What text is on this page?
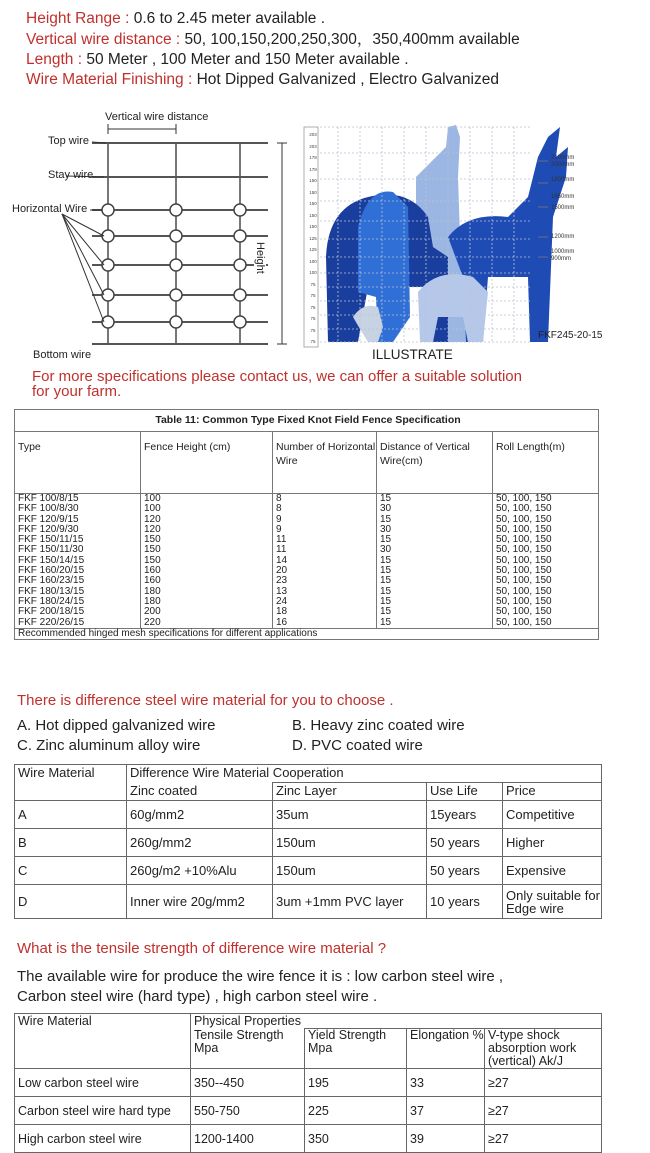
Height Range : 0.6 to 2.45 meter available .
Vertical wire distance : 50, 100,150,200,250,300，350,400mm available
Length : 50 Meter , 100 Meter and 150 Meter available .
Wire Material Finishing : Hot Dipped Galvanized , Electro Galvanized
Vertical wire distance
Top wire
Stay wire
Horizontal Wire
Bottom wire
Height
203
203
178
178
150
150
150
150
150
125
125
100
100
75
75
75
75
75
75
2100mm
2000mm
1800mm
1650mm
1500mm
1200mm
1000mm
900mm
FKF245-20-15
ILLUSTRATE
For more specifications please contact us, we can offer a suitable solution
for your farm.
Table 11: Common Type Fixed Knot Field Fence Specification				
Type	Fence Height (cm)	Number of Horizontal Wire	Distance of Vertical Wire(cm)	Roll Length(m)
FKF 100/8/15	100	8	15	50, 100, 150
FKF 100/8/30	100	8	30	50, 100, 150
FKF 120/9/15	120	9	15	50, 100, 150
FKF 120/9/30	120	9	30	50, 100, 150
FKF 150/11/15	150	11	15	50, 100, 150
FKF 150/11/30	150	11	30	50, 100, 150
FKF 150/14/15	150	14	15	50, 100, 150
FKF 160/20/15	160	20	15	50, 100, 150
FKF 160/23/15	160	23	15	50, 100, 150
FKF 180/13/15	180	13	15	50, 100, 150
FKF 180/24/15	180	24	15	50, 100, 150
FKF 200/18/15	200	18	15	50, 100, 150
FKF 220/26/15	220	16	15	50, 100, 150
Recommended hinged mesh specifications for different applications				
There is difference steel wire material for you to choose .
A. Hot dipped galvanized wire	B. Heavy zinc coated wire
C. Zinc aluminum alloy wire	D. PVC coated wire
Wire Material	Difference Wire Material Cooperation			
	Zinc coated	Zinc Layer	Use Life	Price
A	60g/mm2	35um	15years	Competitive
B	260g/mm2	150um	50 years	Higher
C	260g/m2 +10%Alu	150um	50 years	Expensive
D	Inner wire 20g/mm2	3um +1mm PVC layer	10 years	Only suitable for Edge wire
What is the tensile strength of difference wire material ?
The available wire for produce the wire fence it is : low carbon steel wire ,
Carbon steel wire (hard type) , high carbon steel wire .
Wire Material	Physical Properties			
	Tensile Strength Mpa	Yield Strength Mpa	Elongation %	V-type shock absorption work (vertical) Ak/J
Low carbon steel wire	350--450	195	33	≥27
Carbon steel wire hard type	550-750	225	37	≥27
High carbon steel wire	1200-1400	350	39	≥27
